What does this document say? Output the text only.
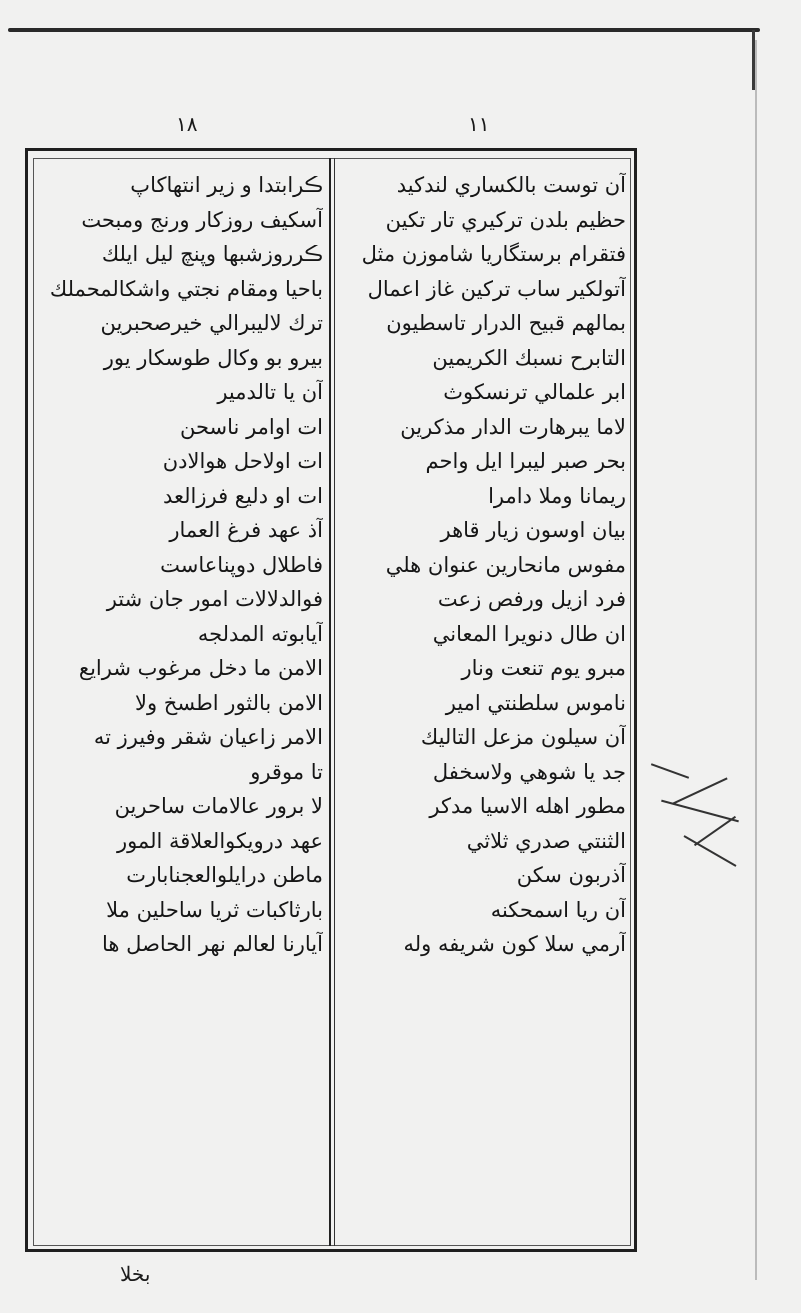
١٨	١١
ڪرابتدا و زير انتهاكاپ
آسكيف روزكار ورنج ومبحت
ڪرروزشبها وپنچ ليل ايلك
باحيا ومقام نجتي واشكالمحملك
ترك لاليبرالي خيرصحبرين
بيرو بو وكال طوسكار يور
آن يا تالدمير
ات اوامر ناسحن
ات اولاحل هوالادن
ات او دليع فرزالعد
آذ عهد فرغ العمار
فاطلال دوپناعاست
فوالدلالات امور جان شتر
آيابوته المدلجه
الامن ما دخل مرغوب شرايع
الامن بالثور اطسخ ولا
الامر زاعيان شقر وفيرز ته
تا موقرو
لا برور عالامات ساحرين
عهد درويكوالعلاقة المور
ماطن درايلوالعجنابارت
بارثاكبات ثريا ساحلين ملا
آيارنا لعالم نهر الحاصل ها
آن توست بالكساري لندكيد
حظيم بلدن تركيري تار تكين
فتقرام برستگاريا شاموزن مثل
آتولكير ساب تركين غاز اعمال
بمالهم قبيح الدرار تاسطيون
التابرح نسبك الكريمين
ابر علمالي ترنسكوث
لاما يبرهارت الدار مذكرين
بحر صبر ليبرا ايل واحم
ريمانا وملا دامرا
بيان اوسون زيار قاهر
مفوس مانحارين عنوان هلي
فرد ازيل ورفص زعت
ان طال دنويرا المعاني
مبرو يوم تنعت ونار
ناموس سلطنتي امير
آن سيلون مزعل التاليك
جد يا شوهي ولاسخفل
مطور اهله الاسيا مدكر
الثنتي صدري ثلاثي
آذربون سكن
آن ريا اسمحكنه
آرمي سلا كون شريفه وله
بخلا
